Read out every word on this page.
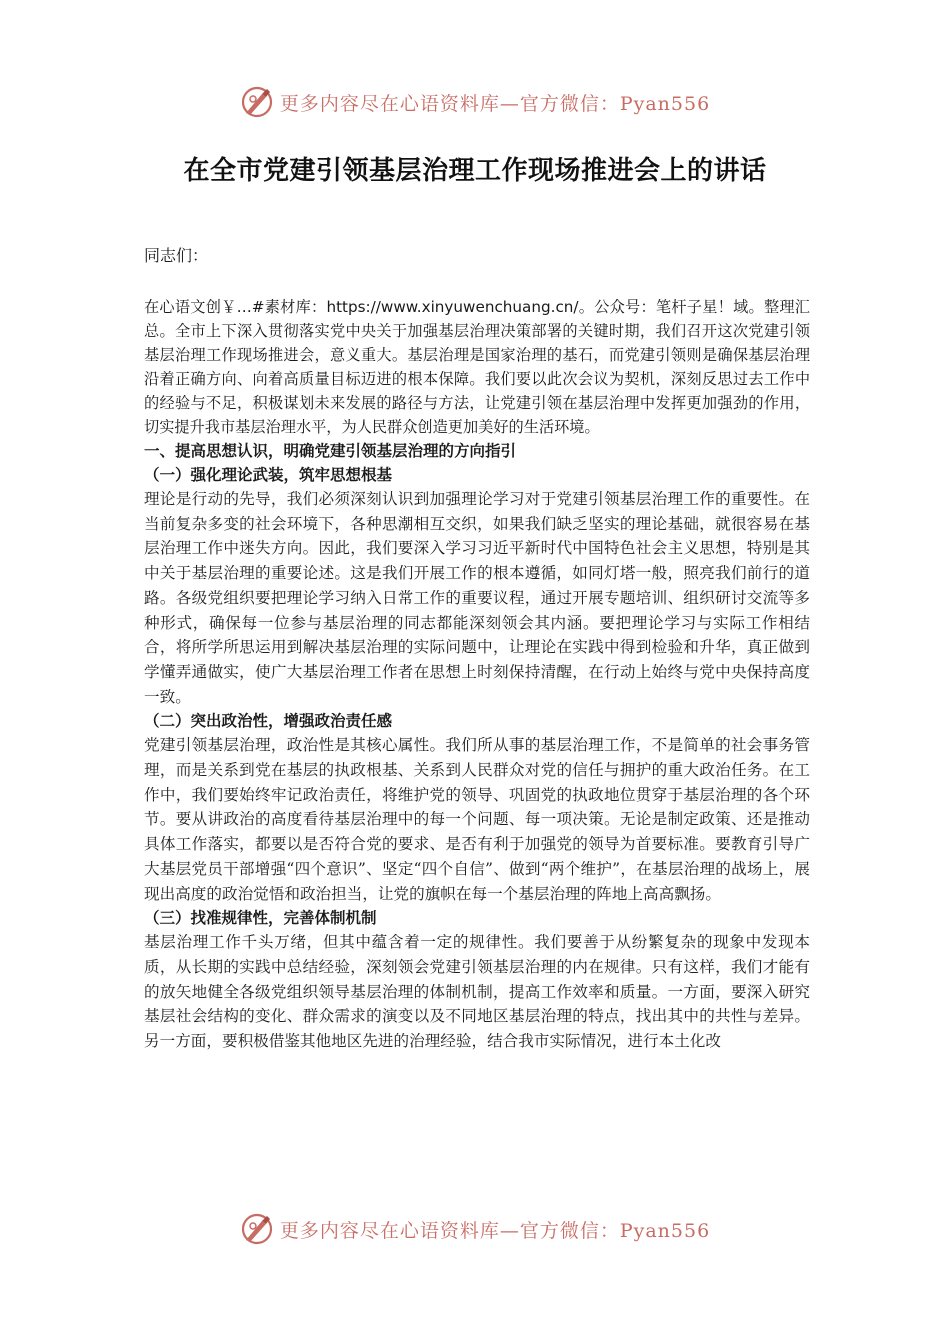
更多内容尽在心语资料库—官方微信：Pyan556
在全市党建引领基层治理工作现场推进会上的讲话

同志们：

在心语文创￥…#素材库：https://www.xinyuwenchuang.cn/。公众号：笔杆子星！域。整理汇总。全市上下深入贯彻落实党中央关于加强基层治理决策部署的关键时期，我们召开这次党建引领基层治理工作现场推进会，意义重大。基层治理是国家治理的基石，而党建引领则是确保基层治理沿着正确方向、向着高质量目标迈进的根本保障。我们要以此次会议为契机，深刻反思过去工作中的经验与不足，积极谋划未来发展的路径与方法，让党建引领在基层治理中发挥更加强劲的作用，切实提升我市基层治理水平，为人民群众创造更加美好的生活环境。

一、提高思想认识，明确党建引领基层治理的方向指引

（一）强化理论武装，筑牢思想根基

理论是行动的先导，我们必须深刻认识到加强理论学习对于党建引领基层治理工作的重要性。在当前复杂多变的社会环境下，各种思潮相互交织，如果我们缺乏坚实的理论基础，就很容易在基层治理工作中迷失方向。因此，我们要深入学习习近平新时代中国特色社会主义思想，特别是其中关于基层治理的重要论述。这是我们开展工作的根本遵循，如同灯塔一般，照亮我们前行的道路。各级党组织要把理论学习纳入日常工作的重要议程，通过开展专题培训、组织研讨交流等多种形式，确保每一位参与基层治理的同志都能深刻领会其内涵。要把理论学习与实际工作相结合，将所学所思运用到解决基层治理的实际问题中，让理论在实践中得到检验和升华，真正做到学懂弄通做实，使广大基层治理工作者在思想上时刻保持清醒，在行动上始终与党中央保持高度一致。

（二）突出政治性，增强政治责任感

党建引领基层治理，政治性是其核心属性。我们所从事的基层治理工作，不是简单的社会事务管理，而是关系到党在基层的执政根基、关系到人民群众对党的信任与拥护的重大政治任务。在工作中，我们要始终牢记政治责任，将维护党的领导、巩固党的执政地位贯穿于基层治理的各个环节。要从讲政治的高度看待基层治理中的每一个问题、每一项决策。无论是制定政策、还是推动具体工作落实，都要以是否符合党的要求、是否有利于加强党的领导为首要标准。要教育引导广大基层党员干部增强“四个意识”、坚定“四个自信”、做到“两个维护”，在基层治理的战场上，展现出高度的政治觉悟和政治担当，让党的旗帜在每一个基层治理的阵地上高高飘扬。

（三）找准规律性，完善体制机制

基层治理工作千头万绪，但其中蕴含着一定的规律性。我们要善于从纷繁复杂的现象中发现本质，从长期的实践中总结经验，深刻领会党建引领基层治理的内在规律。只有这样，我们才能有的放矢地健全各级党组织领导基层治理的体制机制，提高工作效率和质量。一方面，要深入研究基层社会结构的变化、群众需求的演变以及不同地区基层治理的特点，找出其中的共性与差异。另一方面，要积极借鉴其他地区先进的治理经验，结合我市实际情况，进行本土化改

更多内容尽在心语资料库—官方微信：Pyan556
